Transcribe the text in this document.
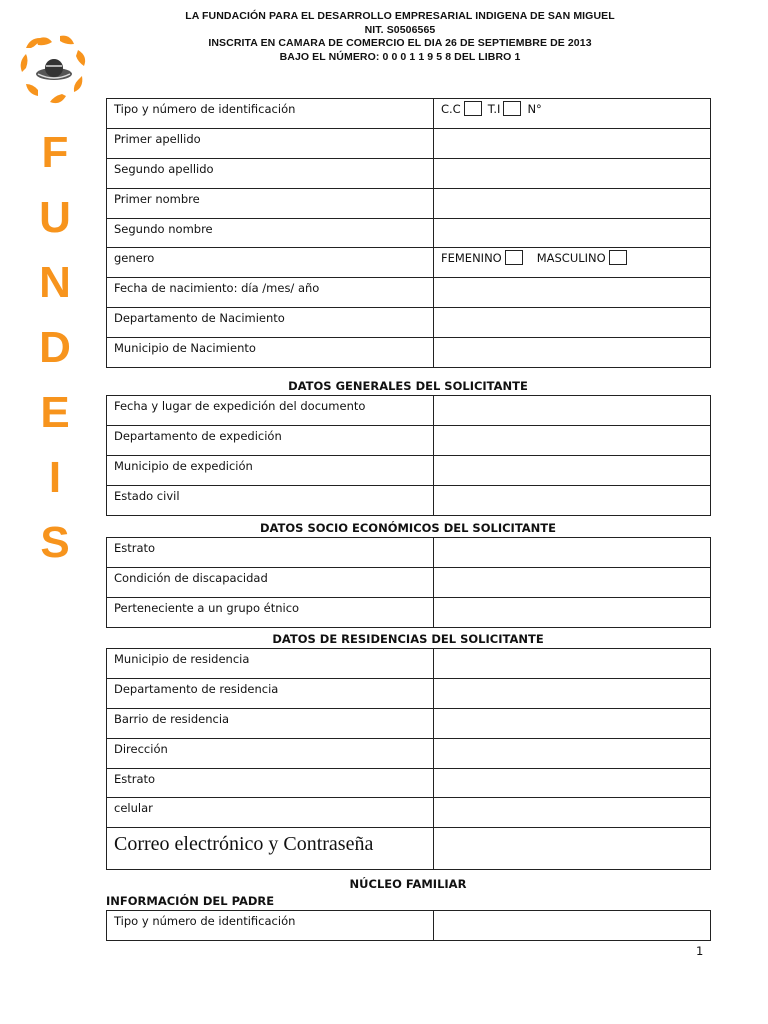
LA FUNDACIÓN PARA EL DESARROLLO EMPRESARIAL INDIGENA DE SAN MIGUEL
NIT. S0506565
INSCRITA EN CAMARA DE COMERCIO EL DIA 26 DE SEPTIEMBRE DE 2013
BAJO EL NÚMERO: 0 0 0 1 1 9 5 8 DEL LIBRO 1
F
U
N
D
E
I
S
Tipo y número de identificación	C.C T.I N°
Primer apellido	
Segundo apellido	
Primer nombre	
Segundo nombre	
genero	FEMENINO MASCULINO
Fecha de nacimiento: día /mes/ año	
Departamento de Nacimiento	
Municipio de Nacimiento	
DATOS GENERALES DEL SOLICITANTE
Fecha y lugar de expedición del documento	
Departamento de expedición	
Municipio de expedición	
Estado civil	
DATOS SOCIO ECONÓMICOS DEL SOLICITANTE
Estrato	
Condición de discapacidad	
Perteneciente a un grupo étnico	
DATOS DE RESIDENCIAS DEL SOLICITANTE
Municipio de residencia	
Departamento de residencia	
Barrio de residencia	
Dirección	
Estrato	
celular	
Correo electrónico y Contraseña	
NÚCLEO FAMILIAR
INFORMACIÓN DEL PADRE
Tipo y número de identificación	
1
